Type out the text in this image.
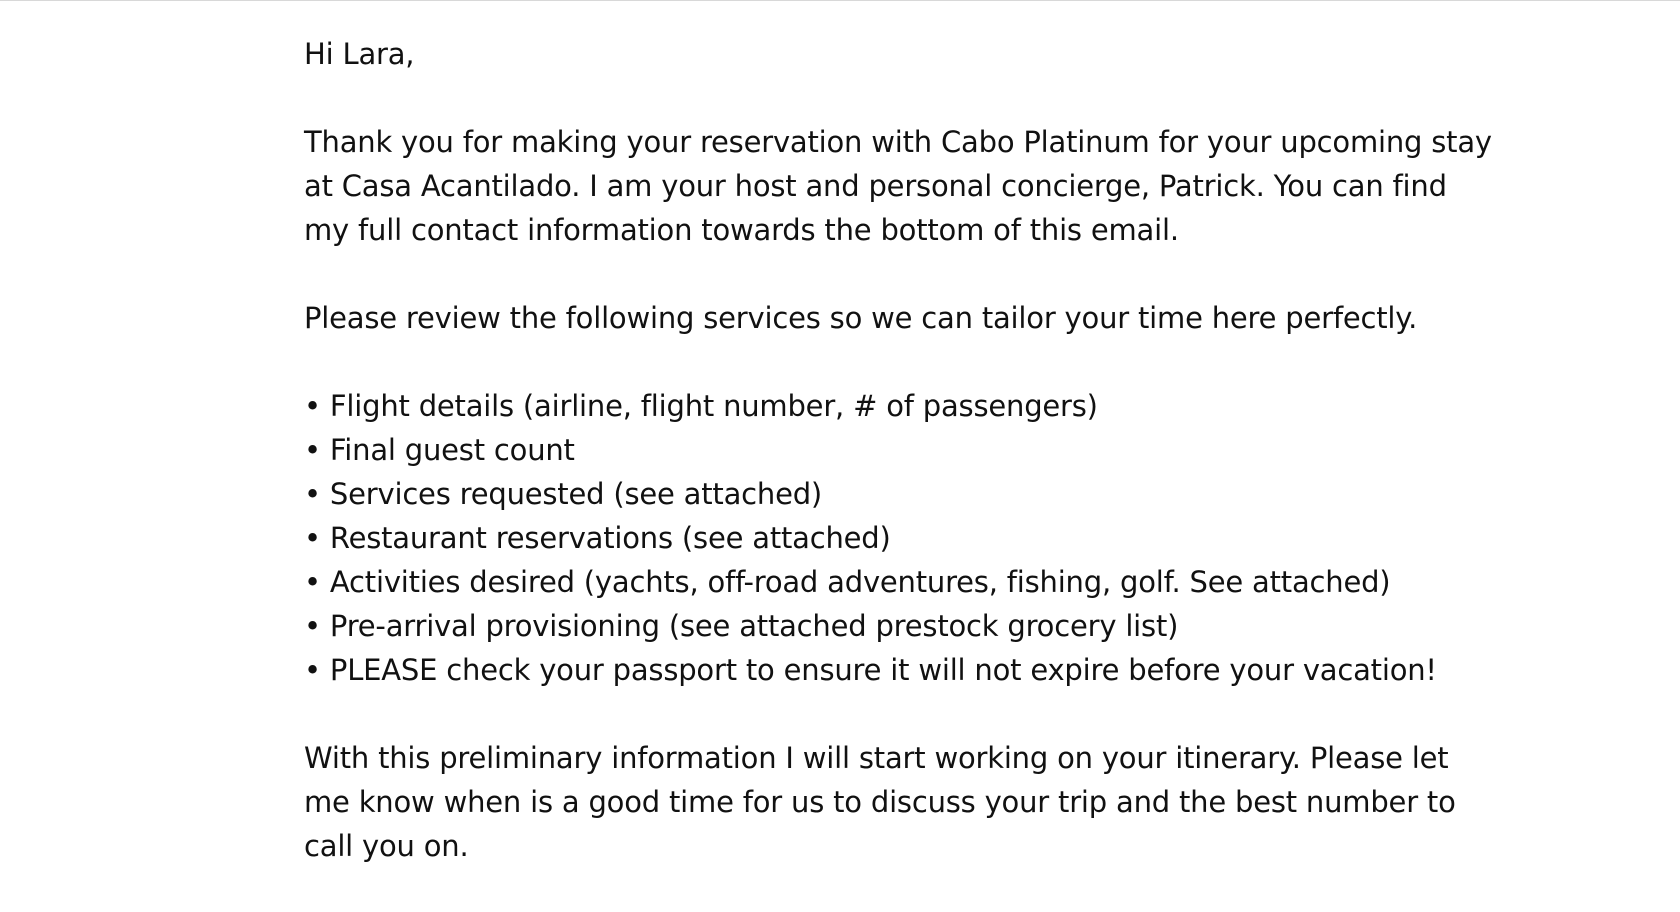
Hi Lara,

Thank you for making your reservation with Cabo Platinum for your upcoming stay
at Casa Acantilado. I am your host and personal concierge, Patrick. You can find
my full contact information towards the bottom of this email.

Please review the following services so we can tailor your time here perfectly.

• Flight details (airline, flight number, # of passengers)
• Final guest count
• Services requested (see attached)
• Restaurant reservations (see attached)
• Activities desired (yachts, off-road adventures, fishing, golf. See attached)
• Pre-arrival provisioning (see attached prestock grocery list)
• PLEASE check your passport to ensure it will not expire before your vacation!

With this preliminary information I will start working on your itinerary. Please let
me know when is a good time for us to discuss your trip and the best number to
call you on.
